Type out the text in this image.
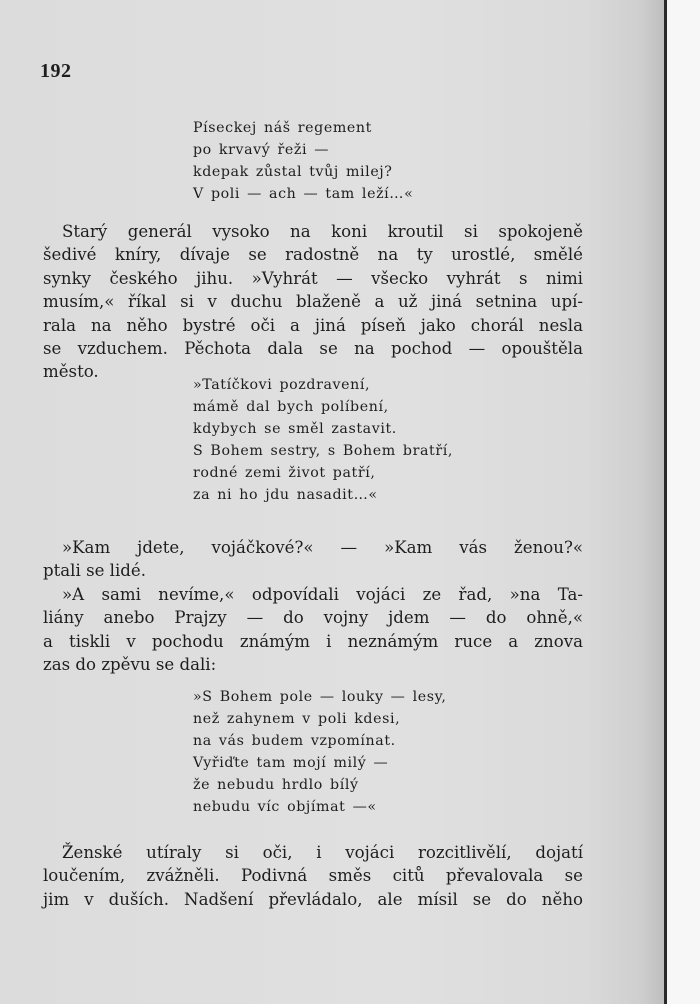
192
Píseckej náš regement
po krvavý řeži —
kdepak zůstal tvůj milej?
V poli — ach — tam leží…«
Starý generál vysoko na koni kroutil si spokojeně
šedivé kníry, dívaje se radostně na ty urostlé, smělé
synky českého jihu. »Vyhrát — všecko vyhrát s nimi
musím,« říkal si v duchu blaženě a už jiná setnina upí-
rala na něho bystré oči a jiná píseň jako chorál nesla
se vzduchem. Pěchota dala se na pochod — opouštěla
město.
»Tatíčkovi pozdravení,
mámě dal bych políbení,
kdybych se směl zastavit.
S Bohem sestry, s Bohem bratří,
rodné zemi život patří,
za ni ho jdu nasadit…«
»Kam jdete, vojáčkové?« — »Kam vás ženou?«
ptali se lidé.
»A sami nevíme,« odpovídali vojáci ze řad, »na Ta-
liány anebo Prajzy — do vojny jdem — do ohně,«
a tiskli v pochodu známým i neznámým ruce a znova
zas do zpěvu se dali:
»S Bohem pole — louky — lesy,
než zahynem v poli kdesi,
na vás budem vzpomínat.
Vyřiďte tam mojí milý —
že nebudu hrdlo bílý
nebudu víc objímat —«
Ženské utíraly si oči, i vojáci rozcitlivělí, dojatí
loučením, zvážněli. Podivná směs citů převalovala se
jim v duších. Nadšení převládalo, ale mísil se do něho
